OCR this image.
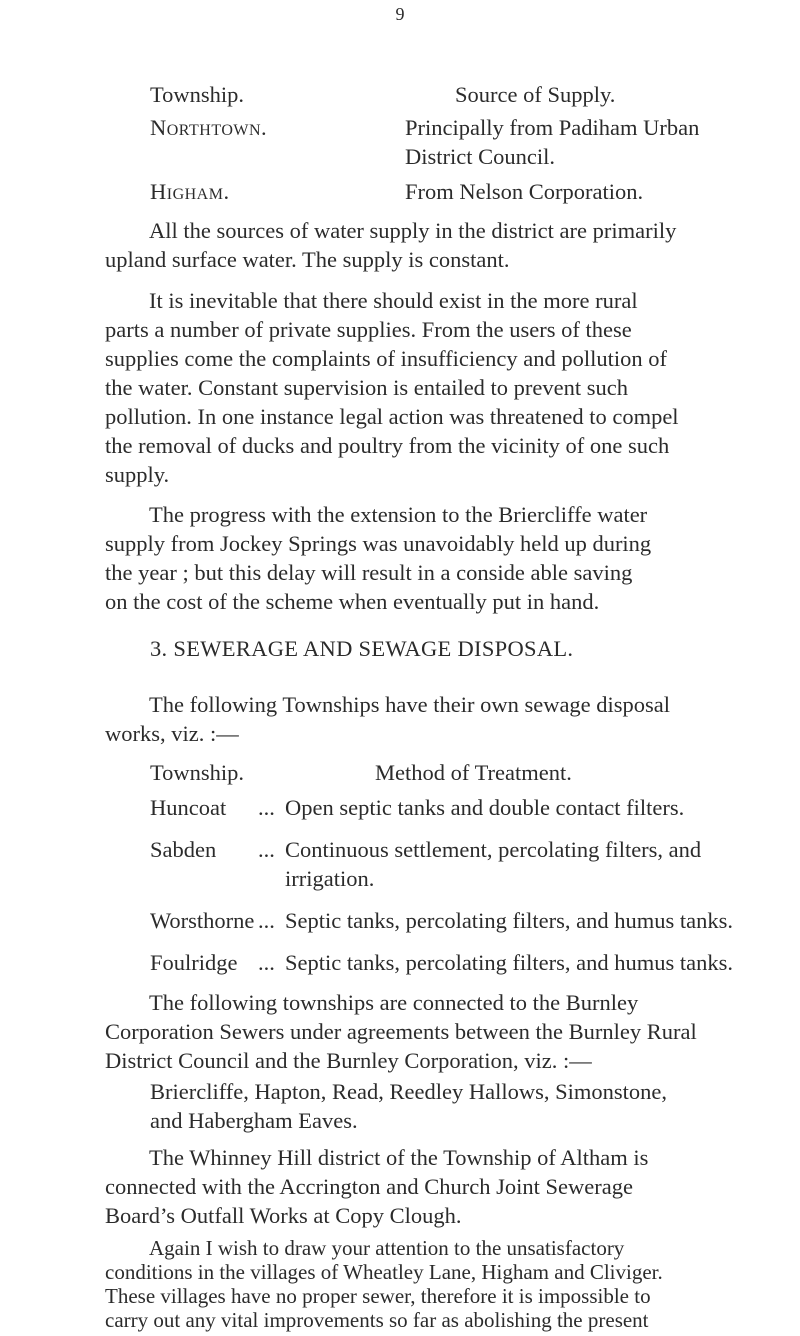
9
Township.	Source of Supply.
Northtown.	Principally from Padiham Urban
District Council.
Higham.	From Nelson Corporation.
All the sources of water supply in the district are primarily
upland surface water. The supply is constant.
It is inevitable that there should exist in the more rural
parts a number of private supplies. From the users of these
supplies come the complaints of insufficiency and pollution of
the water. Constant supervision is entailed to prevent such
pollution. In one instance legal action was threatened to compel
the removal of ducks and poultry from the vicinity of one such
supply.
The progress with the extension to the Briercliffe water
supply from Jockey Springs was unavoidably held up during
the year ; but this delay will result in a conside able saving
on the cost of the scheme when eventually put in hand.
3. SEWERAGE AND SEWAGE DISPOSAL.
The following Townships have their own sewage disposal
works, viz. :—
Township.	Method of Treatment.
Huncoat ... Open septic tanks and double contact filters.
Sabden ... Continuous settlement, percolating filters, and
irrigation.
Worsthorne ... Septic tanks, percolating filters, and humus tanks.
Foulridge ... Septic tanks, percolating filters, and humus tanks.
The following townships are connected to the Burnley
Corporation Sewers under agreements between the Burnley Rural
District Council and the Burnley Corporation, viz. :—
Briercliffe, Hapton, Read, Reedley Hallows, Simonstone,
and Habergham Eaves.
The Whinney Hill district of the Township of Altham is
connected with the Accrington and Church Joint Sewerage
Board’s Outfall Works at Copy Clough.
Again I wish to draw your attention to the unsatisfactory
conditions in the villages of Wheatley Lane, Higham and Cliviger.
These villages have no proper sewer, therefore it is impossible to
carry out any vital improvements so far as abolishing the present
